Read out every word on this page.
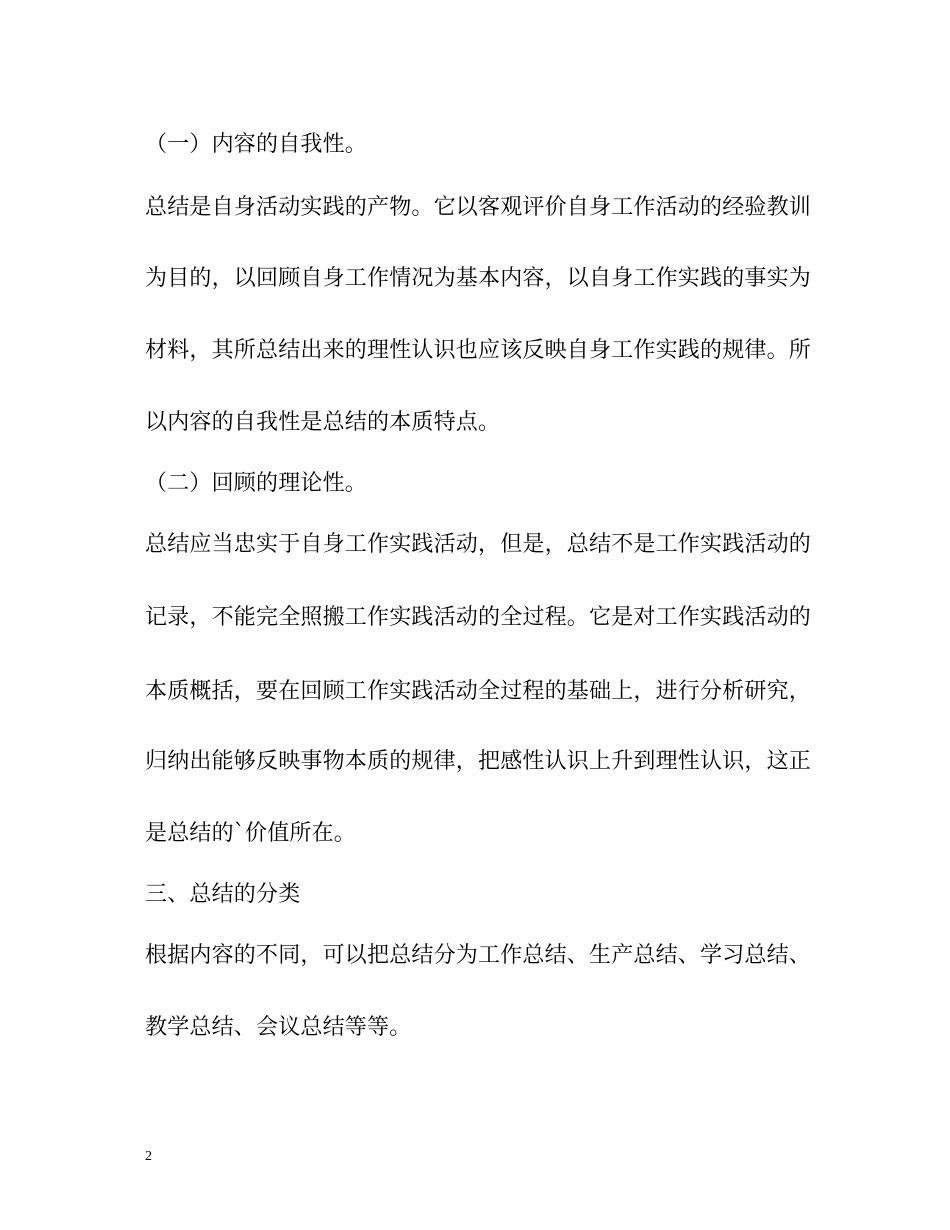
（一）内容的自我性。
总结是自身活动实践的产物。它以客观评价自身工作活动的经验教训
为目的，以回顾自身工作情况为基本内容，以自身工作实践的事实为
材料，其所总结出来的理性认识也应该反映自身工作实践的规律。所
以内容的自我性是总结的本质特点。
（二）回顾的理论性。
总结应当忠实于自身工作实践活动，但是，总结不是工作实践活动的
记录，不能完全照搬工作实践活动的全过程。它是对工作实践活动的
本质概括，要在回顾工作实践活动全过程的基础上，进行分析研究，
归纳出能够反映事物本质的规律，把感性认识上升到理性认识，这正
是总结的`价值所在。
三、总结的分类
根据内容的不同，可以把总结分为工作总结、生产总结、学习总结、
教学总结、会议总结等等。
2
